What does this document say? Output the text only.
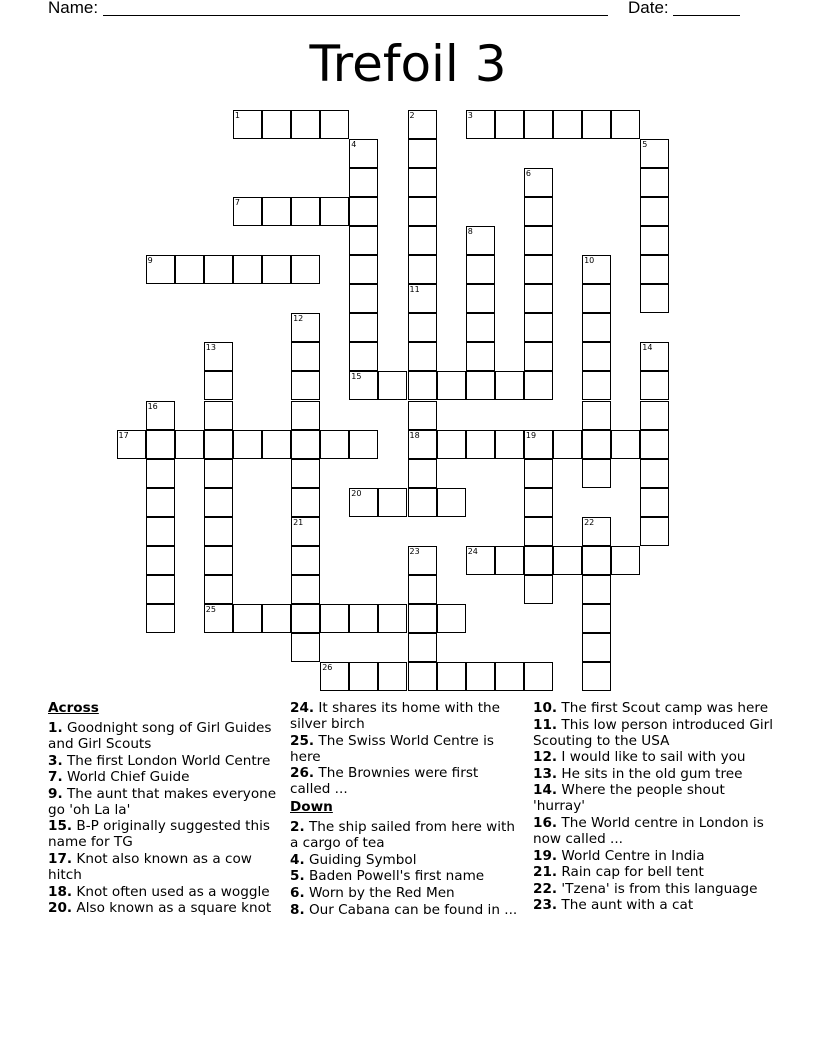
Name:	Date:
Trefoil 3
1	3
7
9
15
17	18	19
20
24
25
26
2
4	5
6
8
10
11
12
13	14
16
21	22
23
Across
1. Goodnight song of Girl Guides and Girl Scouts
3. The first London World Centre
7. World Chief Guide
9. The aunt that makes everyone go 'oh La la'
15. B-P originally suggested this name for TG
17. Knot also known as a cow hitch
18. Knot often used as a woggle
20. Also known as a square knot
24. It shares its home with the silver birch
25. The Swiss World Centre is here
26. The Brownies were first called ...
Down
2. The ship sailed from here with a cargo of tea
4. Guiding Symbol
5. Baden Powell's first name
6. Worn by the Red Men
8. Our Cabana can be found in ...
10. The first Scout camp was here
11. This low person introduced Girl Scouting to the USA
12. I would like to sail with you
13. He sits in the old gum tree
14. Where the people shout 'hurray'
16. The World centre in London is now called ...
19. World Centre in India
21. Rain cap for bell tent
22. 'Tzena' is from this language
23. The aunt with a cat
